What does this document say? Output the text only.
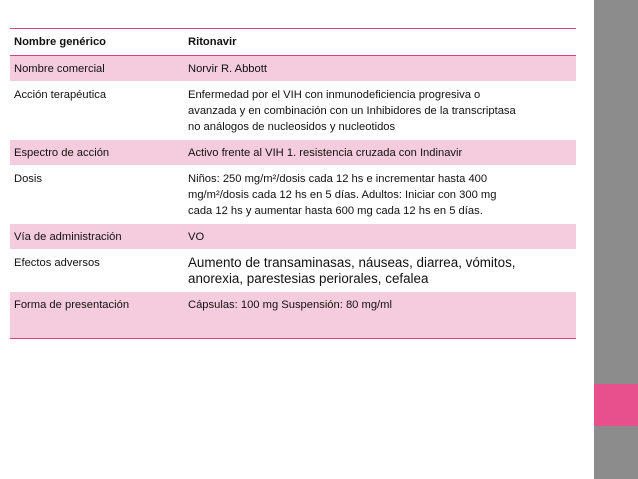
Nombre genérico	Ritonavir
Nombre comercial	Norvir R. Abbott
Acción terapéutica	Enfermedad por el VIH con inmunodeficiencia progresiva o
avanzada y en combinación con un Inhibidores de la transcriptasa
no análogos de nucleosidos y nucleotidos

Espectro de acción	Activo frente al VIH 1. resistencia cruzada con Indinavir
Dosis	Niños: 250 mg/m²/dosis cada 12 hs e incrementar hasta 400
mg/m²/dosis cada 12 hs en 5 días. Adultos: Iniciar con 300 mg
cada 12 hs y aumentar hasta 600 mg cada 12 hs en 5 días.

Vía de administración	VO
Efectos adversos	Aumento de transaminasas, náuseas, diarrea, vómitos,
anorexia, parestesias periorales, cefalea

Forma de presentación	Cápsulas: 100 mg Suspensión: 80 mg/ml
